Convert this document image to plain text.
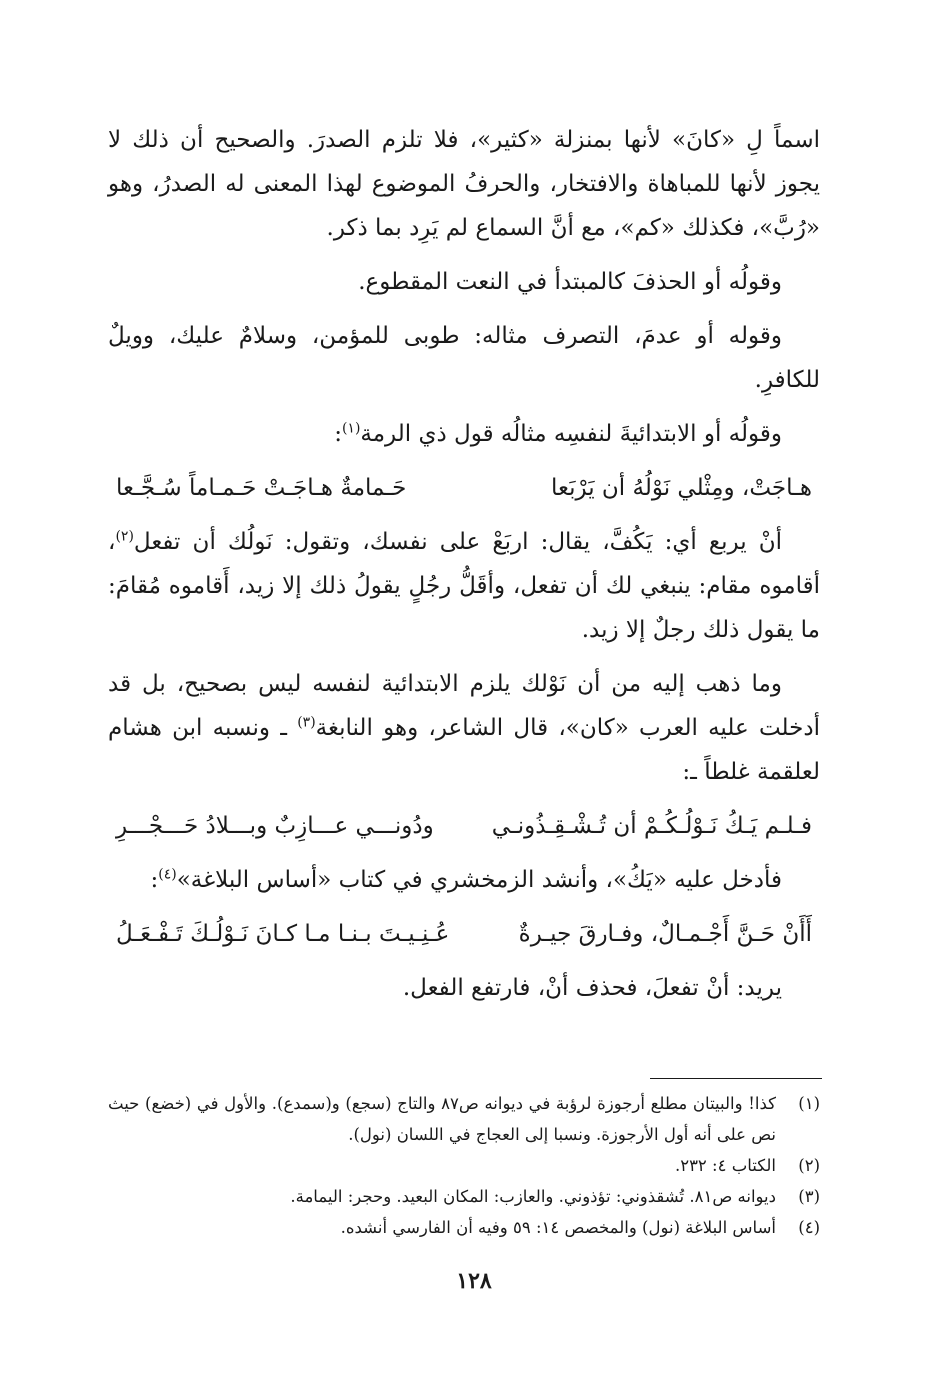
اسماً لِ «كانَ» لأنها بمنزلة «كثير»، فلا تلزم الصدرَ. والصحيح أن ذلك لا يجوز لأنها للمباهاة والافتخار، والحرفُ الموضوع لهذا المعنى له الصدرُ، وهو «رُبَّ»، فكذلك «كم»، مع أنَّ السماع لم يَرِد بما ذكر.

وقولُه أو الحذفَ كالمبتدأ في النعت المقطوع.

وقوله أو عدمَ، التصرف مثاله: طوبى للمؤمن، وسلامٌ عليك، وويلٌ للكافرِ.

وقولُه أو الابتدائيةَ لنفسِه مثالُه قول ذي الرمة$^{(١)}$:

هـاجَتْ، ومِثْلي نَوْلُهُ أن يَرْبَعا
حَـمامةٌ هـاجَـتْ حَـمـاماً سُـجَّـعا

أنْ يربع أي: يَكُفَّ، يقال: اربَعْ على نفسك، وتقول: نَولُك أن تفعل$^{(٢)}$، أقاموه مقام: ينبغي لك أن تفعل، وأقَلُّ رجُلٍ يقولُ ذلك إلا زيد، أَقاموه مُقامَ: ما يقول ذلك رجلٌ إلا زيد.

وما ذهب إليه من أن نَوْلك يلزم الابتدائية لنفسه ليس بصحيح، بل قد أدخلت عليه العرب «كان»، قال الشاعر، وهو النابغة$^{(٣)}$ ـ ونسبه ابن هشام لعلقمة غلطاً ـ:

فـلـم يَـكُ نَـوْلُـكُـمْ أن تُـشْـقِـذُونـي
ودُونـــي عـــازِبٌ وبـــلادُ حَـــجْـــرِ

فأدخل عليه «يَكُ»، وأنشد الزمخشري في كتاب «أساس البلاغة»$^{(٤)}$:

أَأَنْ حَـنَّ أَجْـمـالٌ، وفـارقَ جيـرةٌ
عُـنِـيـتَ بـنـا مـا كـانَ نَـوْلُـكَ تَـفْـعَـلُ

يريد: أنْ تفعلَ، فحذف أنْ، فارتفع الفعل.

(١)
كذا! والبيتان مطلع أرجوزة لرؤبة في ديوانه ص٨٧ والتاج (سجع) و(سمدع). والأول في (خضع) حيث نص على أنه أول الأرجوزة. ونسبا إلى العجاج في اللسان (نول).
(٢)
الكتاب ٤: ٢٣٢.
(٣)
ديوانه ص٨١. تُشقذوني: تؤذوني. والعازب: المكان البعيد. وحجر: اليمامة.
(٤)
أساس البلاغة (نول) والمخصص ١٤: ٥٩ وفيه أن الفارسي أنشده.
١٢٨
